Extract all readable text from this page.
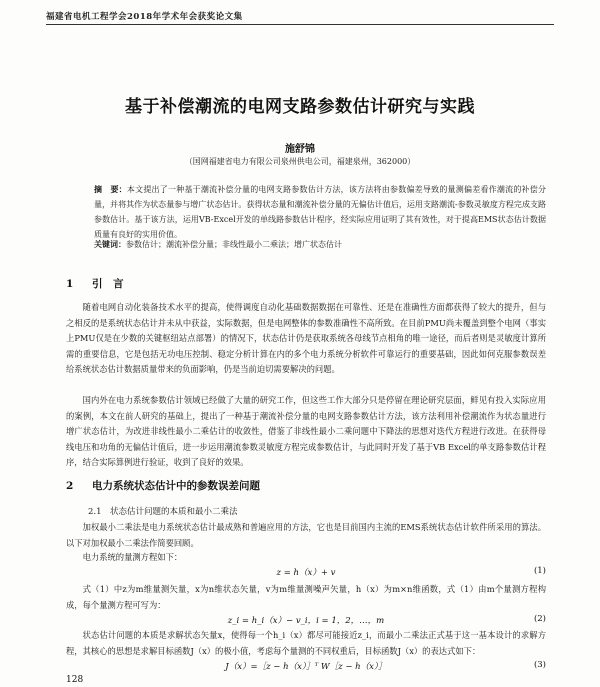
福建省电机工程学会2018年学术年会获奖论文集
基于补偿潮流的电网支路参数估计研究与实践
施舒锦
（国网福建省电力有限公司泉州供电公司，福建泉州，362000）
摘　要：本文提出了一种基于潮流补偿分量的电网支路参数估计方法，该方法将由参数偏差导致的量测偏差看作潮流的补偿分量，并将其作为状态量参与增广状态估计。获得状态量和潮流补偿分量的无偏估计值后，运用支路潮流-参数灵敏度方程完成支路参数估计。基于该方法，运用VB-Excel开发的单线路参数估计程序，经实际应用证明了其有效性，对于提高EMS状态估计数据质量有良好的实用价值。
关键词：参数估计；潮流补偿分量；非线性最小二乘法；增广状态估计
1 引　言
随着电网自动化装备技术水平的提高，使得调度自动化基础数据数据在可靠性、还是在准确性方面都获得了较大的提升，但与之相反的是系统状态估计并未从中获益，实际数据，但是电网整体的参数准确性不高所致。在目前PMU尚未覆盖到整个电网（事实上PMU仅是在少数的关键枢纽站点部署）的情况下，状态估计仍是获取系统各母线节点相角的唯一途径，而后者则是灵敏度计算所需的重要信息，它是包括无功电压控制、稳定分析计算在内的多个电力系统分析软件可靠运行的重要基础，因此如何克服参数误差给系统状态估计数据质量带来的负面影响，仍是当前迫切需要解决的问题。
国内外在电力系统参数估计领域已经做了大量的研究工作，但这些工作大部分只是停留在理论研究层面，鲜见有投入实际应用的案例，本文在前人研究的基础上，提出了一种基于潮流补偿分量的电网支路参数估计方法，该方法利用补偿潮流作为状态量进行增广状态估计，为改进非线性最小二乘估计的收敛性，借鉴了非线性最小二乘问题中下降法的思想对迭代方程进行改进。在获得母线电压和功角的无偏估计值后，进一步运用潮流参数灵敏度方程完成参数估计，与此同时开发了基于VB Excel的单支路参数估计程序，结合实际算例进行验证，收到了良好的效果。
2 电力系统状态估计中的参数误差问题
2.1 状态估计问题的本质和最小二乘法
加权最小二乘法是电力系统状态估计最成熟和普遍应用的方法，它也是目前国内主流的EMS系统状态估计软件所采用的算法。以下对加权最小二乘法作简要回顾。
电力系统的量测方程如下：
z = h（x）+ v	(1)
式（1）中z为m维量测矢量，x为n维状态矢量，v为m维量测噪声矢量，h（x）为m×n维函数，式（1）由m个量测方程构成，每个量测方程可写为：
z_i = h_i（x）− v_i，i = 1，2，…，m	(2)
状态估计问题的本质是求解状态矢量x，使得每一个h_i（x）都尽可能接近z_i，而最小二乘法正式基于这一基本设计的求解方程，其核心的思想是求解目标函数J（x）的极小值，考虑每个量测的不同权重后，目标函数J（x）的表达式如下：
J（x）=［z − h（x）］ᵀ W［z − h（x）］	(3)
128
